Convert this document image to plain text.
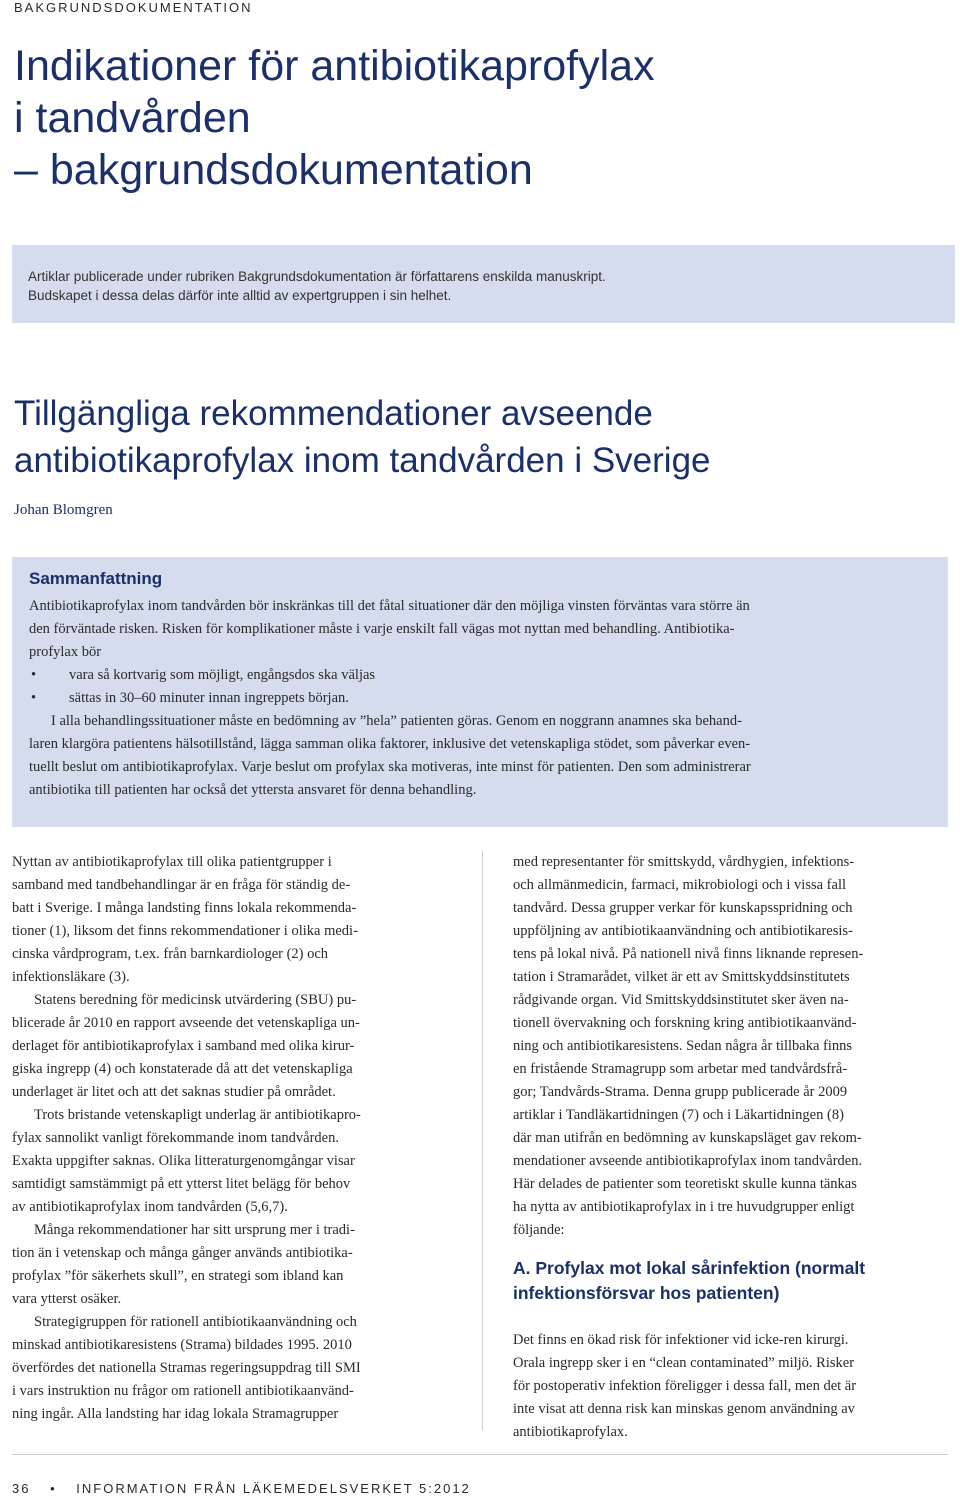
BAKGRUNDSDOKUMENTATION
Indikationer för antibiotikaprofylax
i tandvården
– bakgrundsdokumentation

Artiklar publicerade under rubriken Bakgrundsdokumentation är författarens enskilda manuskript.
Budskapet i dessa delas därför inte alltid av expertgruppen i sin helhet.

Tillgängliga rekommendationer avseende
antibiotikaprofylax inom tandvården i Sverige
Johan Blomgren
Sammanfattning
Antibiotikaprofylax inom tandvården bör inskränkas till det fåtal situationer där den möjliga vinsten förväntas vara större än
den förväntade risken. Risken för komplikationer måste i varje enskilt fall vägas mot nyttan med behandling. Antibiotika-
profylax bör
• vara så kortvarig som möjligt, engångsdos ska väljas
• sättas in 30–60 minuter innan ingreppets början.
I alla behandlingssituationer måste en bedömning av ”hela” patienten göras. Genom en noggrann anamnes ska behand-
laren klargöra patientens hälsotillstånd, lägga samman olika faktorer, inklusive det vetenskapliga stödet, som påverkar even-
tuellt beslut om antibiotikaprofylax. Varje beslut om profylax ska motiveras, inte minst för patienten. Den som administrerar
antibiotika till patienten har också det yttersta ansvaret för denna behandling.
Nyttan av antibiotikaprofylax till olika patientgrupper i
samband med tandbehandlingar är en fråga för ständig de-
batt i Sverige. I många landsting finns lokala rekommenda-
tioner (1), liksom det finns rekommendationer i olika medi-
cinska vårdprogram, t.ex. från barnkardiologer (2) och
infektionsläkare (3).
Statens beredning för medicinsk utvärdering (SBU) pu-
blicerade år 2010 en rapport avseende det vetenskapliga un-
derlaget för antibiotikaprofylax i samband med olika kirur-
giska ingrepp (4) och konstaterade då att det vetenskapliga
underlaget är litet och att det saknas studier på området.
Trots bristande vetenskapligt underlag är antibiotikapro-
fylax sannolikt vanligt förekommande inom tandvården.
Exakta uppgifter saknas. Olika litteraturgenomgångar visar
samtidigt samstämmigt på ett ytterst litet belägg för behov
av antibiotikaprofylax inom tandvården (5,6,7).
Många rekommendationer har sitt ursprung mer i tradi-
tion än i vetenskap och många gånger används antibiotika-
profylax ”för säkerhets skull”, en strategi som ibland kan
vara ytterst osäker.
Strategigruppen för rationell antibiotikaanvändning och
minskad antibiotikaresistens (Strama) bildades 1995. 2010
överfördes det nationella Stramas regeringsuppdrag till SMI
i vars instruktion nu frågor om rationell antibiotikaanvänd-
ning ingår. Alla landsting har idag lokala Stramagrupper
med representanter för smittskydd, vårdhygien, infektions-
och allmänmedicin, farmaci, mikrobiologi och i vissa fall
tandvård. Dessa grupper verkar för kunskapsspridning och
uppföljning av antibiotikaanvändning och antibiotikaresis-
tens på lokal nivå. På nationell nivå finns liknande represen-
tation i Stramarådet, vilket är ett av Smittskyddsinstitutets
rådgivande organ. Vid Smittskyddsinstitutet sker även na-
tionell övervakning och forskning kring antibiotikaanvänd-
ning och antibiotikaresistens. Sedan några år tillbaka finns
en fristående Stramagrupp som arbetar med tandvårdsfrå-
gor; Tandvårds-Strama. Denna grupp publicerade år 2009
artiklar i Tandläkartidningen (7) och i Läkartidningen (8)
där man utifrån en bedömning av kunskapsläget gav rekom-
mendationer avseende antibiotikaprofylax inom tandvården.
Här delades de patienter som teoretiskt skulle kunna tänkas
ha nytta av antibiotikaprofylax in i tre huvudgrupper enligt
följande:
A. Profylax mot lokal sårinfektion (normalt
infektionsförsvar hos patienten)
Det finns en ökad risk för infektioner vid icke-ren kirurgi.
Orala ingrepp sker i en “clean contaminated” miljö. Risker
för postoperativ infektion föreligger i dessa fall, men det är
inte visat att denna risk kan minskas genom användning av
antibiotikaprofylax.
36 • INFORMATION FRÅN LÄKEMEDELSVERKET 5:2012
